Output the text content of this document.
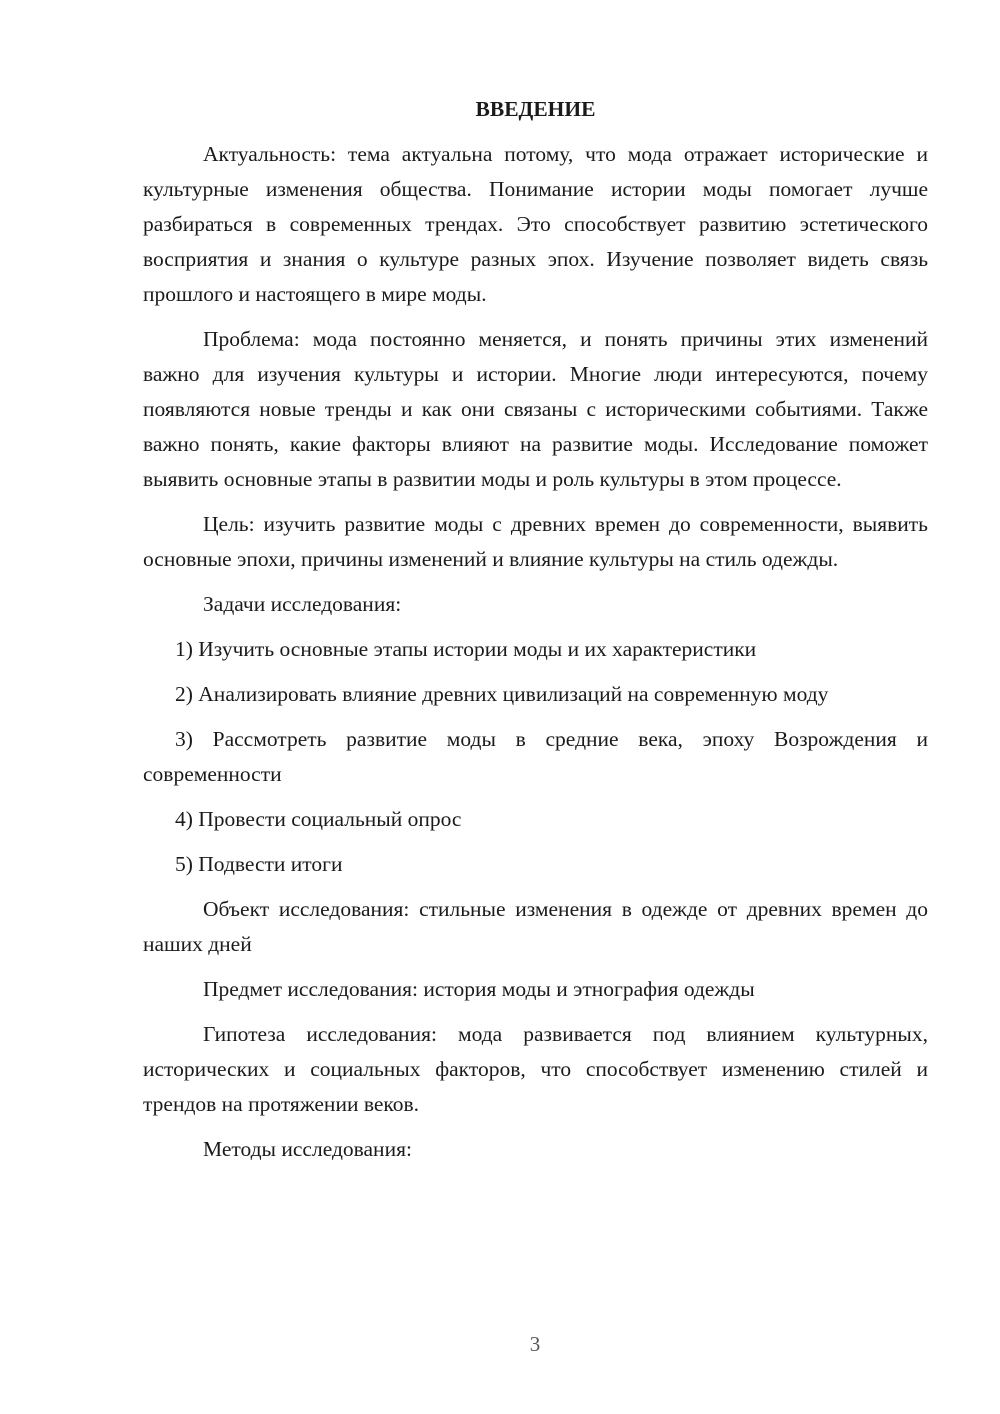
ВВЕДЕНИЕ

Актуальность: тема актуальна потому, что мода отражает исторические и культурные изменения общества. Понимание истории моды помогает лучше разбираться в современных трендах. Это способствует развитию эстетического восприятия и знания о культуре разных эпох. Изучение позволяет видеть связь прошлого и настоящего в мире моды.

Проблема: мода постоянно меняется, и понять причины этих изменений важно для изучения культуры и истории. Многие люди интересуются, почему появляются новые тренды и как они связаны с историческими событиями. Также важно понять, какие факторы влияют на развитие моды. Исследование поможет выявить основные этапы в развитии моды и роль культуры в этом процессе.

Цель: изучить развитие моды с древних времен до современности, выявить основные эпохи, причины изменений и влияние культуры на стиль одежды.

Задачи исследования:

1) Изучить основные этапы истории моды и их характеристики

2) Анализировать влияние древних цивилизаций на современную моду

3) Рассмотреть развитие моды в средние века, эпоху Возрождения и современности

4) Провести социальный опрос

5) Подвести итоги

Объект исследования: стильные изменения в одежде от древних времен до наших дней

Предмет исследования: история моды и этнография одежды

Гипотеза исследования: мода развивается под влиянием культурных, исторических и социальных факторов, что способствует изменению стилей и трендов на протяжении веков.

Методы исследования:

3
